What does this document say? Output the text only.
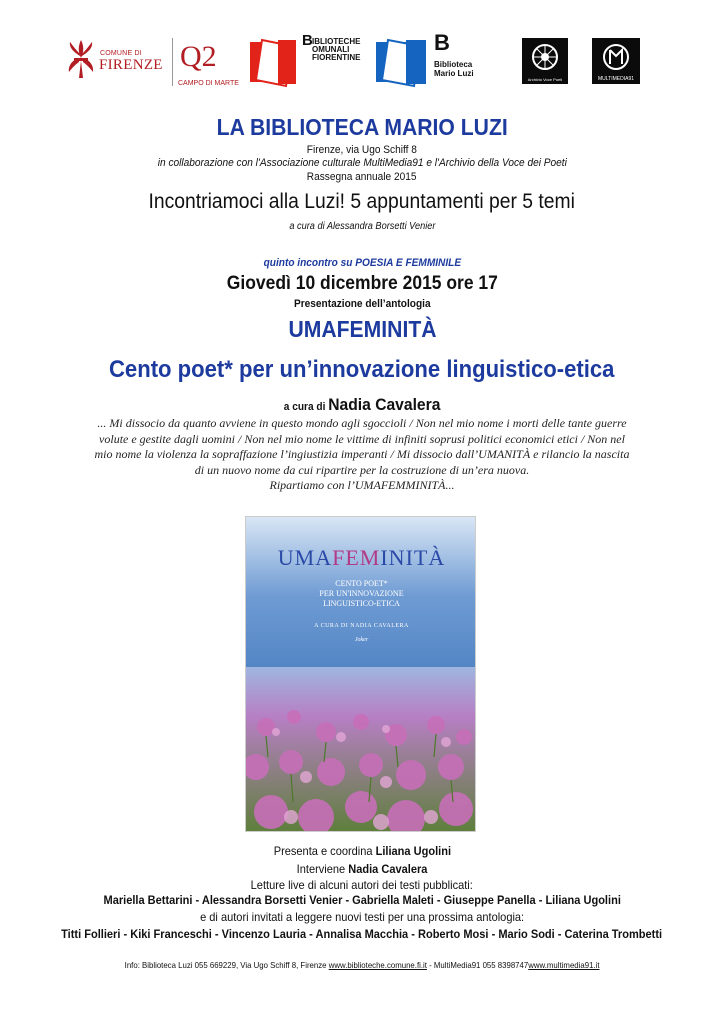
COMUNE DI
FIRENZE Q2
CAMPO DI MARTE
B IBLIOTECHE
OMUNALI
FIORENTINE
B
Biblioteca
Mario Luzi
Archivio Voce Poeti	MULTIMEDIA91
LA BIBLIOTECA MARIO LUZI
Firenze, via Ugo Schiff 8
in collaborazione con l'Associazione culturale MultiMedia91 e l'Archivio della Voce dei Poeti
Rassegna annuale 2015
Incontriamoci alla Luzi! 5 appuntamenti per 5 temi
a cura di Alessandra Borsetti Venier
quinto incontro su POESIA E FEMMINILE
Giovedì 10 dicembre 2015 ore 17
Presentazione dell’antologia
UMAFEMINITÀ
Cento poet* per un’innovazione linguistico-etica
a cura di Nadia Cavalera
... Mi dissocio da quanto avviene in questo mondo agli sgoccioli / Non nel mio nome i morti delle tante guerre
volute e gestite dagli uomini / Non nel mio nome le vittime di infiniti soprusi politici economici etici / Non nel
mio nome la violenza la sopraffazione l’ingiustizia imperanti / Mi dissocio dall’UMANITÀ e rilancio la nascita
di un nuovo nome da cui ripartire per la costruzione di un’era nuova.
Ripartiamo con l’UMAFEMMINITÀ...
UMAFEMINITÀ
CENTO POET*
PER UN'INNOVAZIONE
LINGUISTICO-ETICA
A CURA DI NADIA CAVALERA
Joker
Presenta e coordina Liliana Ugolini
Interviene Nadia Cavalera
Letture live di alcuni autori dei testi pubblicati:
Mariella Bettarini - Alessandra Borsetti Venier - Gabriella Maleti - Giuseppe Panella - Liliana Ugolini
e di autori invitati a leggere nuovi testi per una prossima antologia:
Titti Follieri - Kiki Franceschi - Vincenzo Lauria - Annalisa Macchia - Roberto Mosi - Mario Sodi - Caterina Trombetti
Info: Biblioteca Luzi 055 669229, Via Ugo Schiff 8, Firenze www.biblioteche.comune.fi.it - MultiMedia91 055 8398747www.multimedia91.it
